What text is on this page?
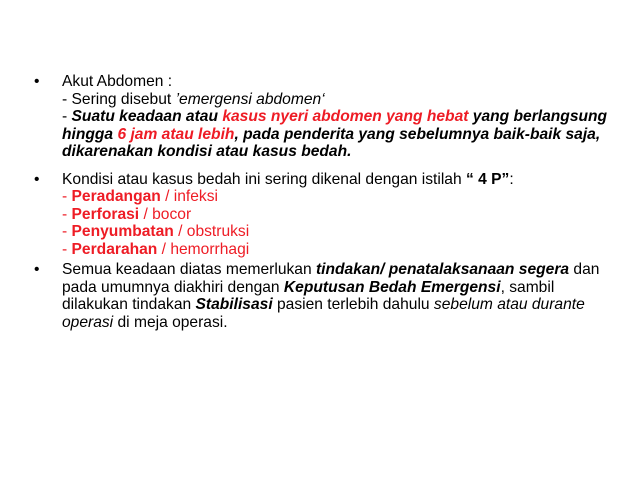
• Akut Abdomen :
- Sering disebut ’emergensi abdomen‘
- Suatu keadaan atau kasus nyeri abdomen yang hebat yang berlangsung hingga 6 jam atau lebih, pada penderita yang sebelumnya baik-baik saja, dikarenakan kondisi atau kasus bedah.
• Kondisi atau kasus bedah ini sering dikenal dengan istilah “ 4 P”:
- Peradangan / infeksi
- Perforasi / bocor
- Penyumbatan / obstruksi
- Perdarahan / hemorrhagi
• Semua keadaan diatas memerlukan tindakan/ penatalaksanaan segera dan pada umumnya diakhiri dengan Keputusan Bedah Emergensi, sambil dilakukan tindakan Stabilisasi pasien terlebih dahulu sebelum atau durante operasi di meja operasi.
